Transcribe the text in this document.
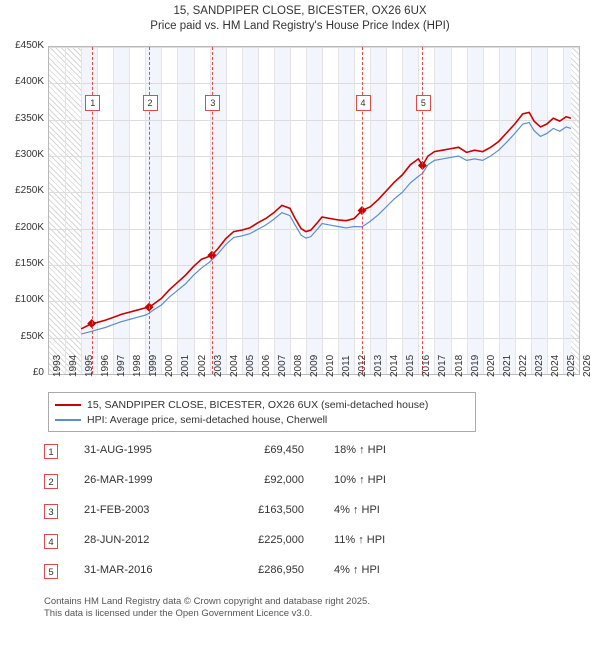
15, SANDPIPER CLOSE, BICESTER, OX26 6UX
Price paid vs. HM Land Registry's House Price Index (HPI)
1	2	3	4	5
£0
£50K
£100K
£150K
£200K
£250K
£300K
£350K
£400K
£450K
1993 1994 1995 1996 1997 1998 1999 2000 2001 2002 2003 2004 2005 2006 2007 2008 2009 2010 2011 2012 2013 2014 2015 2016 2017 2018 2019 2020 2021 2022 2023 2024 2025 2026
15, SANDPIPER CLOSE, BICESTER, OX26 6UX (semi-detached house)
HPI: Average price, semi-detached house, Cherwell
1	31-AUG-1995	£69,450	18% ↑ HPI
2	26-MAR-1999	£92,000	10% ↑ HPI
3	21-FEB-2003	£163,500	4% ↑ HPI
4	28-JUN-2012	£225,000	11% ↑ HPI
5	31-MAR-2016	£286,950	4% ↑ HPI
Contains HM Land Registry data © Crown copyright and database right 2025.
This data is licensed under the Open Government Licence v3.0.
